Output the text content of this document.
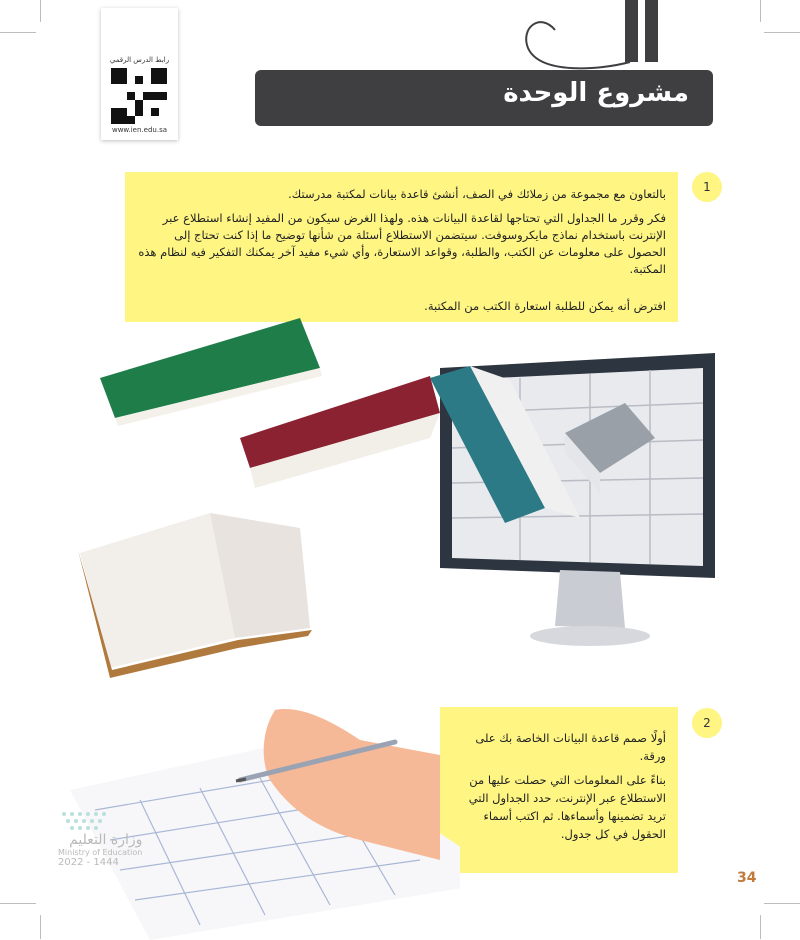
رابط الدرس الرقمي
www.ien.edu.sa
مشروع الوحدة

بالتعاون مع مجموعة من زملائك في الصف، أنشئ قاعدة بيانات لمكتبة مدرستك.

فكر وقرر ما الجداول التي تحتاجها لقاعدة البيانات هذه. ولهذا الغرض سيكون من المفيد إنشاء استطلاع عبر الإنترنت باستخدام نماذج مايكروسوفت. سيتضمن الاستطلاع أسئلة من شأنها توضيح ما إذا كنت تحتاج إلى الحصول على معلومات عن الكتب، والطلبة، وقواعد الاستعارة، وأي شيء مفيد آخر يمكنك التفكير فيه لنظام هذه المكتبة.

افترض أنه يمكن للطلبة استعارة الكتب من المكتبة.

1

أولًا صمم قاعدة البيانات الخاصة بك على ورقة.

بناءً على المعلومات التي حصلت عليها من الاستطلاع عبر الإنترنت، حدد الجداول التي تريد تضمينها وأسماءها. ثم اكتب أسماء الحقول في كل جدول.

2
وزارة التعليم
Ministry of Education
2022 - 1444
34
